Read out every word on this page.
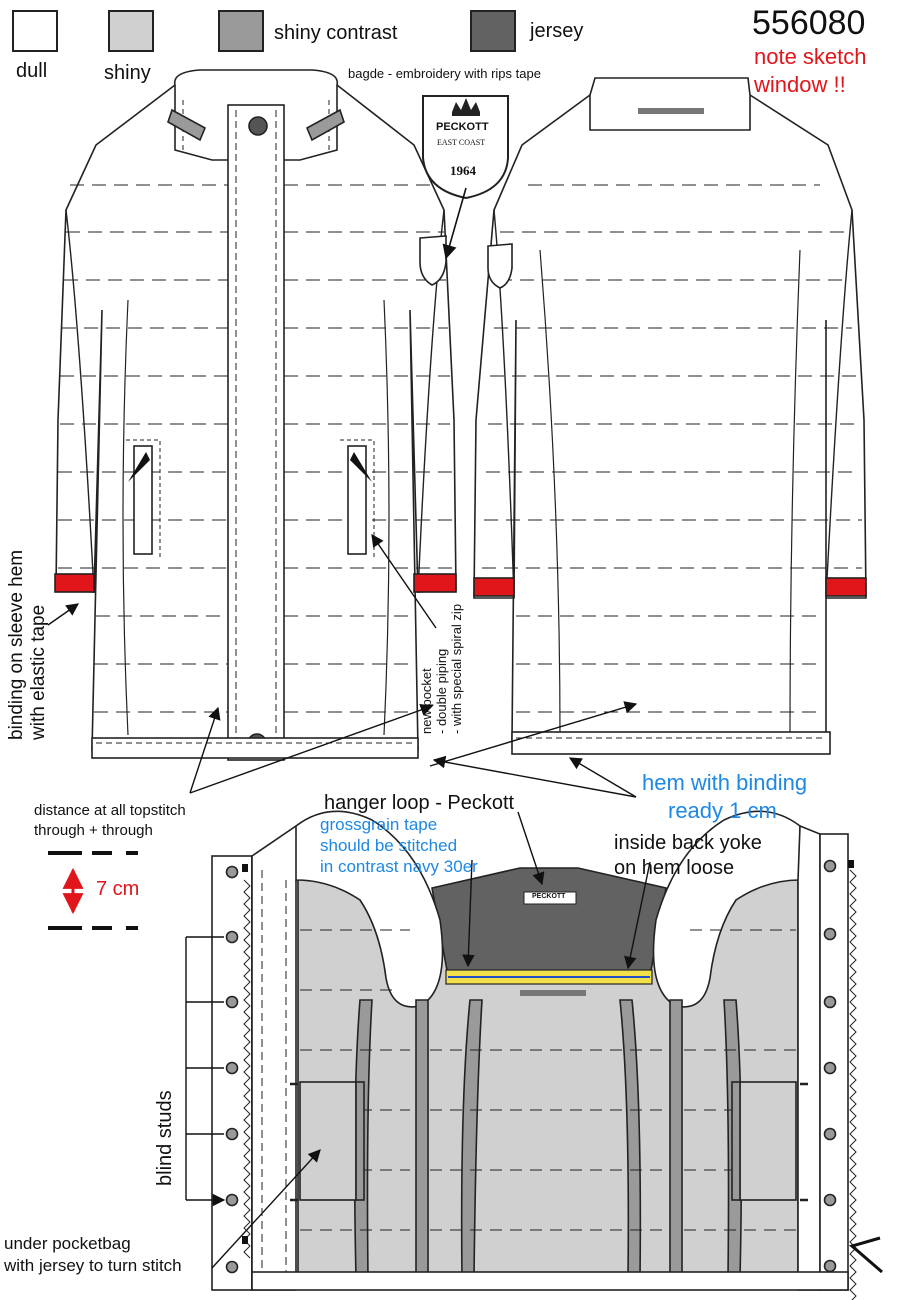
dull	shiny

shiny contrast	jersey	556080

note sketch

window !!

bagde - embroidery with rips tape

PECKOTT

EAST COAST

1964

binding on sleeve hem with elastic tape	new pocket - double piping - with special spiral zip

hem with binding

ready 1 cm

distance at all topstitch

through + through

7 cm

hanger loop - Peckott

PECKOTT

grossgrain tape

should be stitched

in contrast navy 30er

inside back yoke

on hem loose

blind studs

under pocketbag

with jersey to turn stitch
